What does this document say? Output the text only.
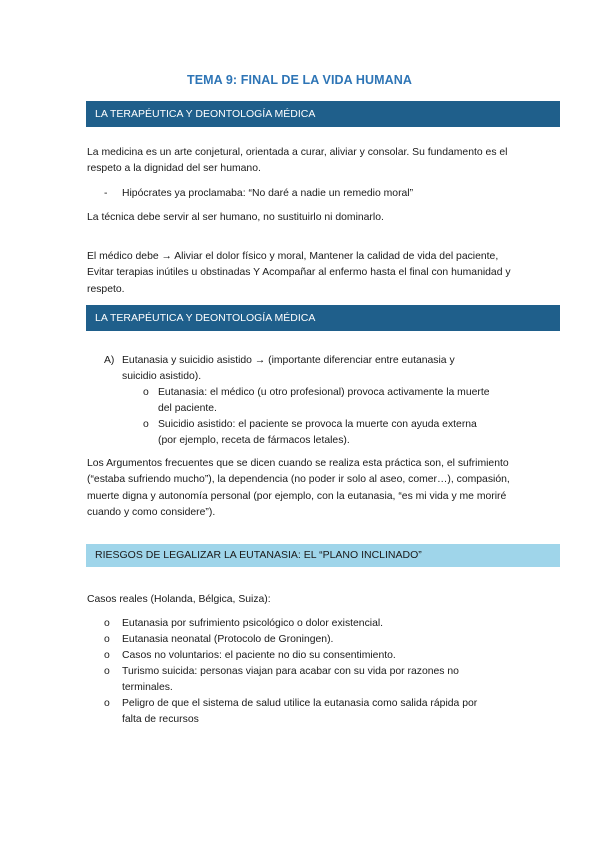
TEMA 9: FINAL DE LA VIDA HUMANA
LA TERAPÉUTICA Y DEONTOLOGÍA MÉDICA

La medicina es un arte conjetural, orientada a curar, aliviar y consolar. Su fundamento es el respeto a la dignidad del ser humano.

- Hipócrates ya proclamaba: “No daré a nadie un remedio moral”

La técnica debe servir al ser humano, no sustituirlo ni dominarlo.

El médico debe → Aliviar el dolor físico y moral, Mantener la calidad de vida del paciente, Evitar terapias inútiles u obstinadas Y Acompañar al enfermo hasta el final con humanidad y respeto.

LA TERAPÉUTICA Y DEONTOLOGÍA MÉDICA
A) Eutanasia y suicidio asistido → (importante diferenciar entre eutanasia y
suicidio asistido).
o Eutanasia: el médico (u otro profesional) provoca activamente la muerte
del paciente.
o Suicidio asistido: el paciente se provoca la muerte con ayuda externa
(por ejemplo, receta de fármacos letales).

Los Argumentos frecuentes que se dicen cuando se realiza esta práctica son, el sufrimiento (“estaba sufriendo mucho”), la dependencia (no poder ir solo al aseo, comer…), compasión, muerte digna y autonomía personal (por ejemplo, con la eutanasia, “es mi vida y me moriré cuando y como considere”).

RIESGOS DE LEGALIZAR LA EUTANASIA: EL “PLANO INCLINADO”

Casos reales (Holanda, Bélgica, Suiza):

o Eutanasia por sufrimiento psicológico o dolor existencial.
o Eutanasia neonatal (Protocolo de Groningen).
o Casos no voluntarios: el paciente no dio su consentimiento.
o Turismo suicida: personas viajan para acabar con su vida por razones no
terminales.
o Peligro de que el sistema de salud utilice la eutanasia como salida rápida por
falta de recursos
